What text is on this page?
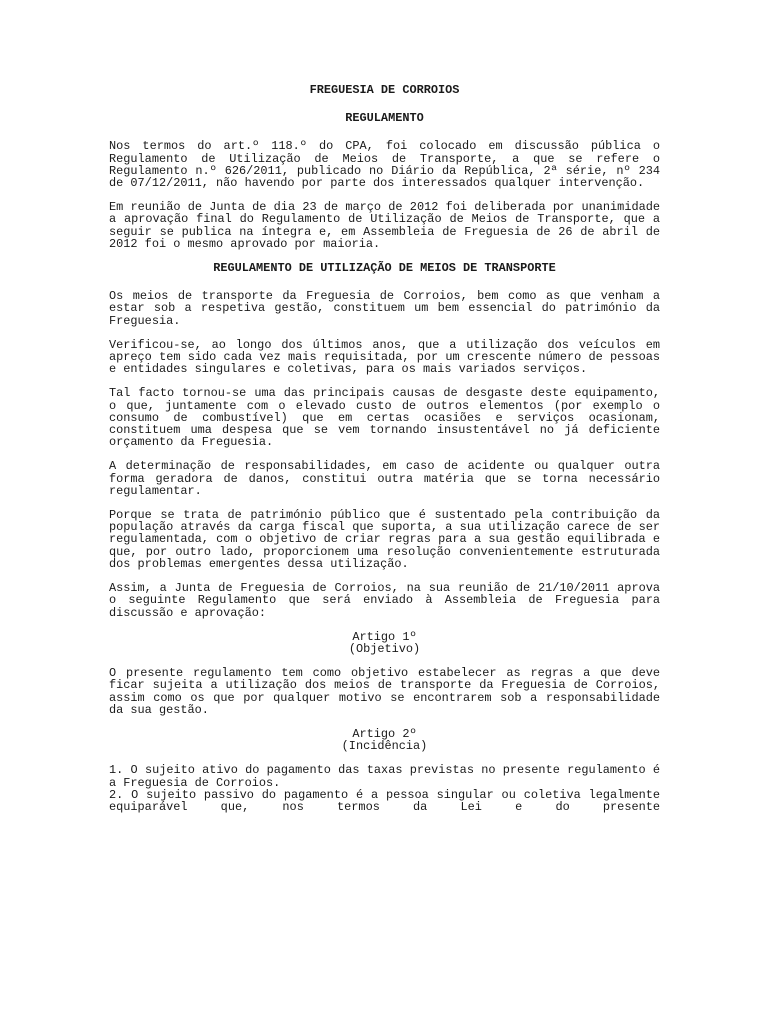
FREGUESIA DE CORROIOS
REGULAMENTO

Nos termos do art.º 118.º do CPA, foi colocado em discussão pública o Regulamento de Utilização de Meios de Transporte, a que se refere o Regulamento n.º 626/2011, publicado no Diário da República, 2ª série, nº 234 de 07/12/2011, não havendo por parte dos interessados qualquer intervenção.

Em reunião de Junta de dia 23 de março de 2012 foi deliberada por unanimidade a aprovação final do Regulamento de Utilização de Meios de Transporte, que a seguir se publica na íntegra e, em Assembleia de Freguesia de 26 de abril de 2012 foi o mesmo aprovado por maioria.

REGULAMENTO DE UTILIZAÇÃO DE MEIOS DE TRANSPORTE

Os meios de transporte da Freguesia de Corroios, bem como as que venham a estar sob a respetiva gestão, constituem um bem essencial do património da Freguesia.

Verificou-se, ao longo dos últimos anos, que a utilização dos veículos em apreço tem sido cada vez mais requisitada, por um crescente número de pessoas e entidades singulares e coletivas, para os mais variados serviços.

Tal facto tornou-se uma das principais causas de desgaste deste equipamento, o que, juntamente com o elevado custo de outros elementos (por exemplo o consumo de combustível) que em certas ocasiões e serviços ocasionam, constituem uma despesa que se vem tornando insustentável no já deficiente orçamento da Freguesia.

A determinação de responsabilidades, em caso de acidente ou qualquer outra forma geradora de danos, constitui outra matéria que se torna necessário regulamentar.

Porque se trata de património público que é sustentado pela contribuição da população através da carga fiscal que suporta, a sua utilização carece de ser regulamentada, com o objetivo de criar regras para a sua gestão equilibrada e que, por outro lado, proporcionem uma resolução convenientemente estruturada dos problemas emergentes dessa utilização.

Assim, a Junta de Freguesia de Corroios, na sua reunião de 21/10/2011 aprova o seguinte Regulamento que será enviado à Assembleia de Freguesia para discussão e aprovação:

Artigo 1º
(Objetivo)

O presente regulamento tem como objetivo estabelecer as regras a que deve ficar sujeita a utilização dos meios de transporte da Freguesia de Corroios, assim como os que por qualquer motivo se encontrarem sob a responsabilidade da sua gestão.

Artigo 2º
(Incidência)

1. O sujeito ativo do pagamento das taxas previstas no presente regulamento é a Freguesia de Corroios.

2. O sujeito passivo do pagamento é a pessoa singular ou coletiva legalmente equiparável que, nos termos da Lei e do presente
